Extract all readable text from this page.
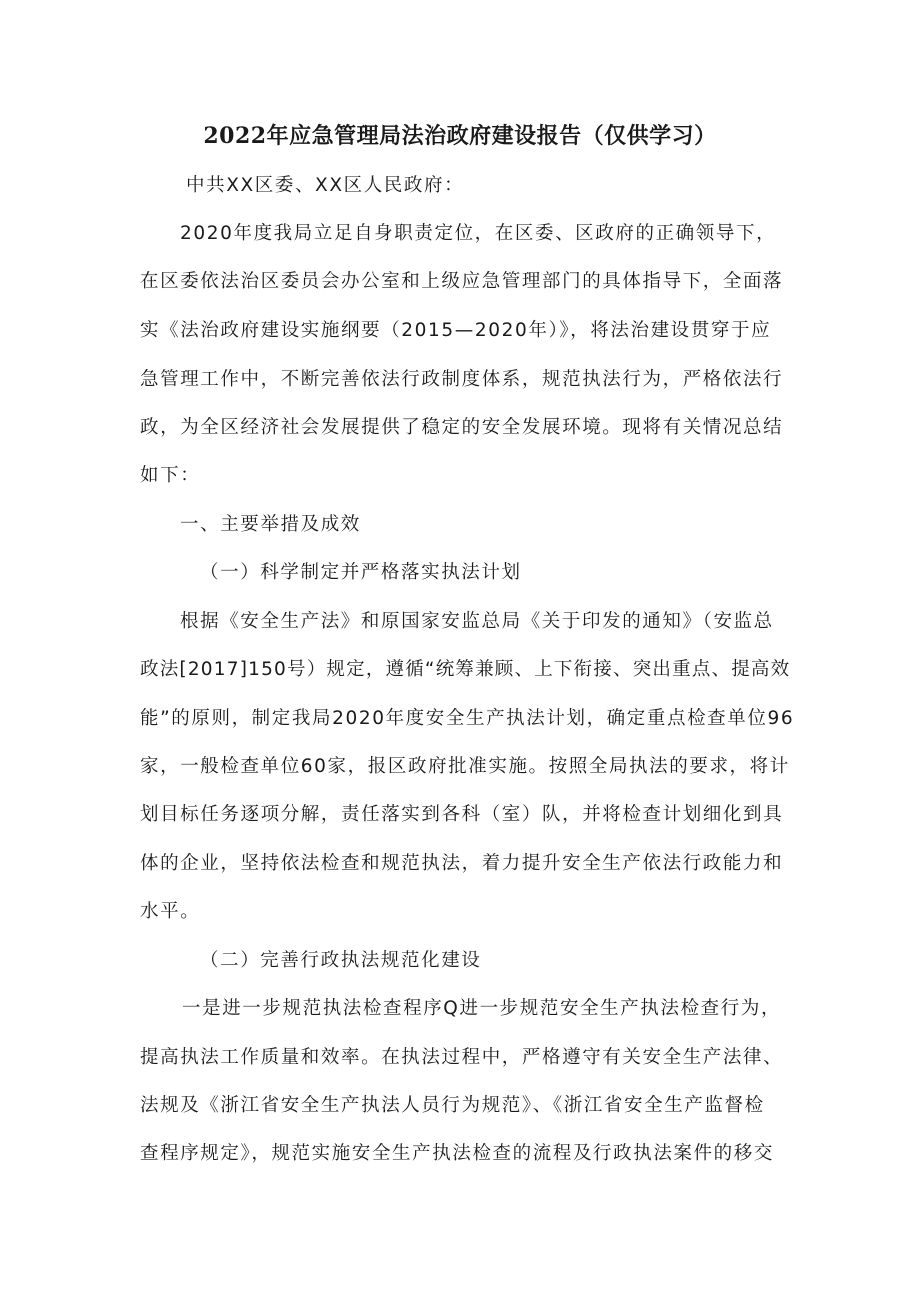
2022年应急管理局法治政府建设报告（仅供学习）
中共XX区委、XX区人民政府：
2020年度我局立足自身职责定位，在区委、区政府的正确领导下，
在区委依法治区委员会办公室和上级应急管理部门的具体指导下，全面落
实《法治政府建设实施纲要（2015—2020年）》，将法治建设贯穿于应
急管理工作中，不断完善依法行政制度体系，规范执法行为，严格依法行
政，为全区经济社会发展提供了稳定的安全发展环境。现将有关情况总结
如下：
一、主要举措及成效
（一）科学制定并严格落实执法计划
根据《安全生产法》和原国家安监总局《关于印发的通知》（安监总
政法[2017]150号）规定，遵循“统筹兼顾、上下衔接、突出重点、提高效
能”的原则，制定我局2020年度安全生产执法计划，确定重点检查单位96
家，一般检查单位60家，报区政府批准实施。按照全局执法的要求，将计
划目标任务逐项分解，责任落实到各科（室）队，并将检查计划细化到具
体的企业，坚持依法检查和规范执法，着力提升安全生产依法行政能力和
水平。
（二）完善行政执法规范化建设
一是进一步规范执法检查程序Q进一步规范安全生产执法检查行为，
提高执法工作质量和效率。在执法过程中，严格遵守有关安全生产法律、
法规及《浙江省安全生产执法人员行为规范》、《浙江省安全生产监督检
查程序规定》，规范实施安全生产执法检查的流程及行政执法案件的移交
